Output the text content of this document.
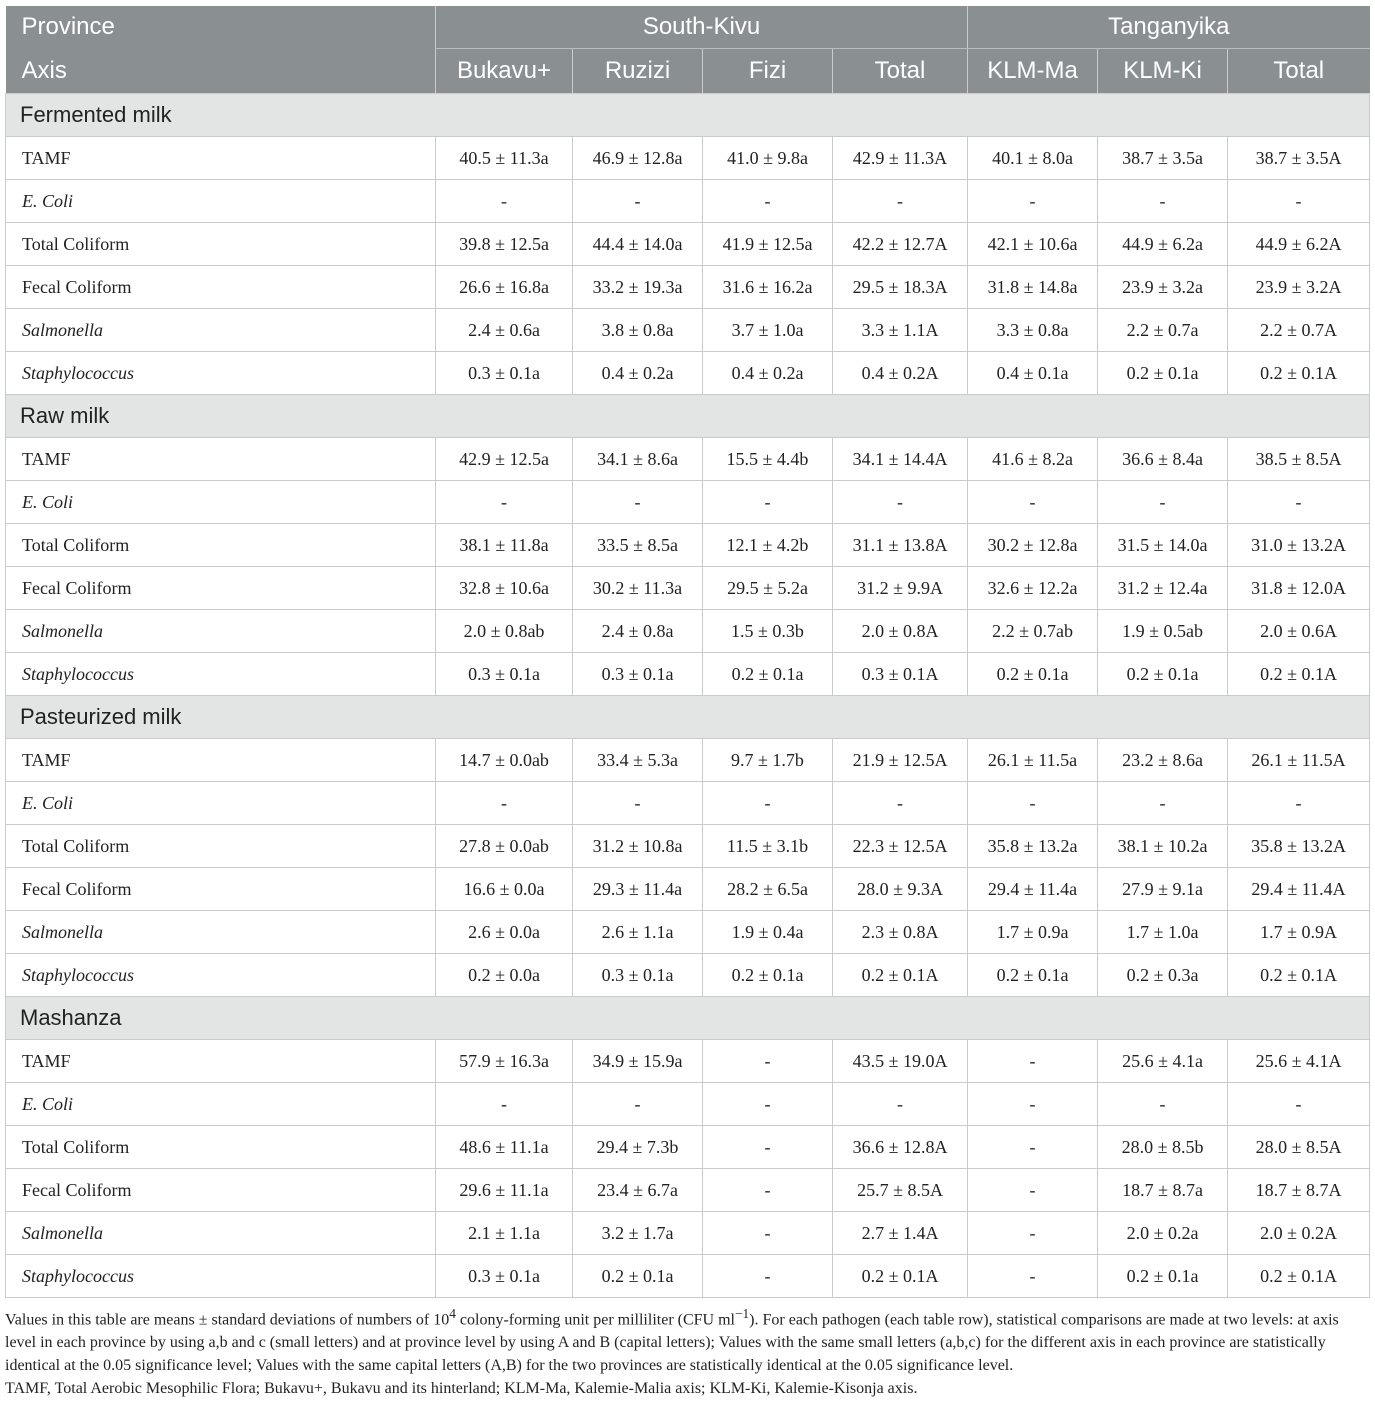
Province	South-Kivu				Tanganyika		
Axis	Bukavu+	Ruzizi	Fizi	Total	KLM-Ma	KLM-Ki	Total
Fermented milk							
TAMF	40.5 ± 11.3a	46.9 ± 12.8a	41.0 ± 9.8a	42.9 ± 11.3A	40.1 ± 8.0a	38.7 ± 3.5a	38.7 ± 3.5A
E. Coli	-	-	-	-	-	-	-
Total Coliform	39.8 ± 12.5a	44.4 ± 14.0a	41.9 ± 12.5a	42.2 ± 12.7A	42.1 ± 10.6a	44.9 ± 6.2a	44.9 ± 6.2A
Fecal Coliform	26.6 ± 16.8a	33.2 ± 19.3a	31.6 ± 16.2a	29.5 ± 18.3A	31.8 ± 14.8a	23.9 ± 3.2a	23.9 ± 3.2A
Salmonella	2.4 ± 0.6a	3.8 ± 0.8a	3.7 ± 1.0a	3.3 ± 1.1A	3.3 ± 0.8a	2.2 ± 0.7a	2.2 ± 0.7A
Staphylococcus	0.3 ± 0.1a	0.4 ± 0.2a	0.4 ± 0.2a	0.4 ± 0.2A	0.4 ± 0.1a	0.2 ± 0.1a	0.2 ± 0.1A
Raw milk							
TAMF	42.9 ± 12.5a	34.1 ± 8.6a	15.5 ± 4.4b	34.1 ± 14.4A	41.6 ± 8.2a	36.6 ± 8.4a	38.5 ± 8.5A
E. Coli	-	-	-	-	-	-	-
Total Coliform	38.1 ± 11.8a	33.5 ± 8.5a	12.1 ± 4.2b	31.1 ± 13.8A	30.2 ± 12.8a	31.5 ± 14.0a	31.0 ± 13.2A
Fecal Coliform	32.8 ± 10.6a	30.2 ± 11.3a	29.5 ± 5.2a	31.2 ± 9.9A	32.6 ± 12.2a	31.2 ± 12.4a	31.8 ± 12.0A
Salmonella	2.0 ± 0.8ab	2.4 ± 0.8a	1.5 ± 0.3b	2.0 ± 0.8A	2.2 ± 0.7ab	1.9 ± 0.5ab	2.0 ± 0.6A
Staphylococcus	0.3 ± 0.1a	0.3 ± 0.1a	0.2 ± 0.1a	0.3 ± 0.1A	0.2 ± 0.1a	0.2 ± 0.1a	0.2 ± 0.1A
Pasteurized milk							
TAMF	14.7 ± 0.0ab	33.4 ± 5.3a	9.7 ± 1.7b	21.9 ± 12.5A	26.1 ± 11.5a	23.2 ± 8.6a	26.1 ± 11.5A
E. Coli	-	-	-	-	-	-	-
Total Coliform	27.8 ± 0.0ab	31.2 ± 10.8a	11.5 ± 3.1b	22.3 ± 12.5A	35.8 ± 13.2a	38.1 ± 10.2a	35.8 ± 13.2A
Fecal Coliform	16.6 ± 0.0a	29.3 ± 11.4a	28.2 ± 6.5a	28.0 ± 9.3A	29.4 ± 11.4a	27.9 ± 9.1a	29.4 ± 11.4A
Salmonella	2.6 ± 0.0a	2.6 ± 1.1a	1.9 ± 0.4a	2.3 ± 0.8A	1.7 ± 0.9a	1.7 ± 1.0a	1.7 ± 0.9A
Staphylococcus	0.2 ± 0.0a	0.3 ± 0.1a	0.2 ± 0.1a	0.2 ± 0.1A	0.2 ± 0.1a	0.2 ± 0.3a	0.2 ± 0.1A
Mashanza							
TAMF	57.9 ± 16.3a	34.9 ± 15.9a	-	43.5 ± 19.0A	-	25.6 ± 4.1a	25.6 ± 4.1A
E. Coli	-	-	-	-	-	-	-
Total Coliform	48.6 ± 11.1a	29.4 ± 7.3b	-	36.6 ± 12.8A	-	28.0 ± 8.5b	28.0 ± 8.5A
Fecal Coliform	29.6 ± 11.1a	23.4 ± 6.7a	-	25.7 ± 8.5A	-	18.7 ± 8.7a	18.7 ± 8.7A
Salmonella	2.1 ± 1.1a	3.2 ± 1.7a	-	2.7 ± 1.4A	-	2.0 ± 0.2a	2.0 ± 0.2A
Staphylococcus	0.3 ± 0.1a	0.2 ± 0.1a	-	0.2 ± 0.1A	-	0.2 ± 0.1a	0.2 ± 0.1A

Values in this table are means ± standard deviations of numbers of $10^4$ colony-forming unit per milliliter (CFU $ml^{-1}$). For each pathogen (each table row), statistical comparisons are made at two levels: at axis level in each province by using a,b and c (small letters) and at province level by using A and B (capital letters); Values with the same small letters (a,b,c) for the different axis in each province are statistically identical at the 0.05 significance level; Values with the same capital letters (A,B) for the two provinces are statistically identical at the 0.05 significance level.

TAMF, Total Aerobic Mesophilic Flora; Bukavu+, Bukavu and its hinterland; KLM-Ma, Kalemie-Malia axis; KLM-Ki, Kalemie-Kisonja axis.
